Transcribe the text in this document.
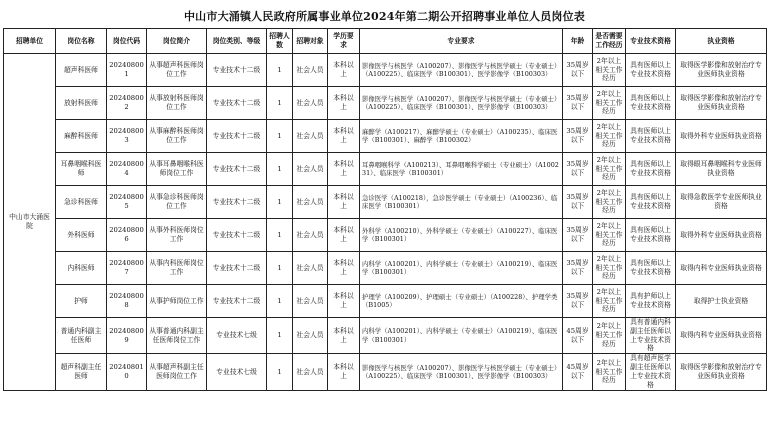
中山市大涌镇人民政府所属事业单位2024年第二期公开招聘事业单位人员岗位表
招聘单位	岗位名称	岗位代码	岗位简介	岗位类别、等级	招聘人数	招聘对象	学历要求	专业要求	年龄	是否需要工作经历	专业技术资格	执业资格
中山市大涌医院	超声科医师	202408001	从事超声科医师岗位工作	专业技术十二级	1	社会人员	本科以上	影像医学与核医学（A100207）、影像医学与核医学硕士（专业硕士）（A100225）、临床医学（B100301）、医学影像学（B100303）	35周岁以下	2年以上相关工作经历	具有医师以上专业技术资格	取得医学影像和放射治疗专业医师执业资格
	放射科医师	202408002	从事放射科医师岗位工作	专业技术十二级	1	社会人员	本科以上	影像医学与核医学（A100207）、影像医学与核医学硕士（专业硕士）（A100225）、临床医学（B100301）、医学影像学（B100303）	35周岁以下	2年以上相关工作经历	具有医师以上专业技术资格	取得医学影像和放射治疗专业医师执业资格
	麻醉科医师	202408003	从事麻醉科医师岗位工作	专业技术十二级	1	社会人员	本科以上	麻醉学（A100217）、麻醉学硕士（专业硕士）（A100235）、临床医学（B100301）、麻醉学（B100302）	35周岁以下	2年以上相关工作经历	具有医师以上专业技术资格	取得外科专业医师执业资格
	耳鼻咽喉科医师	202408004	从事耳鼻咽喉科医师岗位工作	专业技术十二级	1	社会人员	本科以上	耳鼻咽喉科学（A100213）、耳鼻咽喉科学硕士（专业硕士）（A100231）、临床医学（B100301）	35周岁以下	2年以上相关工作经历	具有医师以上专业技术资格	取得眼耳鼻咽喉科专业医师执业资格
	急诊科医师	202408005	从事急诊科医师岗位工作	专业技术十二级	1	社会人员	本科以上	急诊医学（A100218），急诊医学硕士（专业硕士）（A100236）、临床医学（B100301）	35周岁以下	2年以上相关工作经历	具有医师以上专业技术资格	取得急救医学专业医师执业资格
	外科医师	202408006	从事外科医师岗位工作	专业技术十二级	1	社会人员	本科以上	外科学（A100210）、外科学硕士（专业硕士）（A100227）、临床医学（B100301）	35周岁以下	2年以上相关工作经历	具有医师以上专业技术资格	取得外科专业医师执业资格
	内科医师	202408007	从事内科医师岗位工作	专业技术十二级	1	社会人员	本科以上	内科学（A100201）、内科学硕士（专业硕士）（A100219）、临床医学（B100301）	35周岁以下	2年以上相关工作经历	具有医师以上专业技术资格	取得内科专业医师执业资格
	护师	202408008	从事护师岗位工作	专业技术十二级	1	社会人员	本科以上	护理学（A100209）、护理硕士（专业硕士）（A100228）、护理学类（B1005）	35周岁以下	2年以上相关工作经历	具有护师以上专业技术资格	取得护士执业资格
	普通内科副主任医师	202408009	从事普通内科副主任医师岗位工作	专业技术七级	1	社会人员	本科以上	内科学（A100201）、内科学硕士（专业硕士）（A100219）、临床医学（B100301）	45周岁以下	2年以上相关工作经历	具有普通内科副主任医师以上专业技术资格	取得内科专业医师执业资格
	超声科副主任医师	202408010	从事超声科副主任医师岗位工作	专业技术七级	1	社会人员	本科以上	影像医学与核医学（A100207）、影像医学与核医学硕士（专业硕士）（A100225）、临床医学（B100301）、医学影像学（B100303）	45周岁以下	2年以上相关工作经历	具有超声医学副主任医师以上专业技术资格	取得医学影像和放射治疗专业医师执业资格
